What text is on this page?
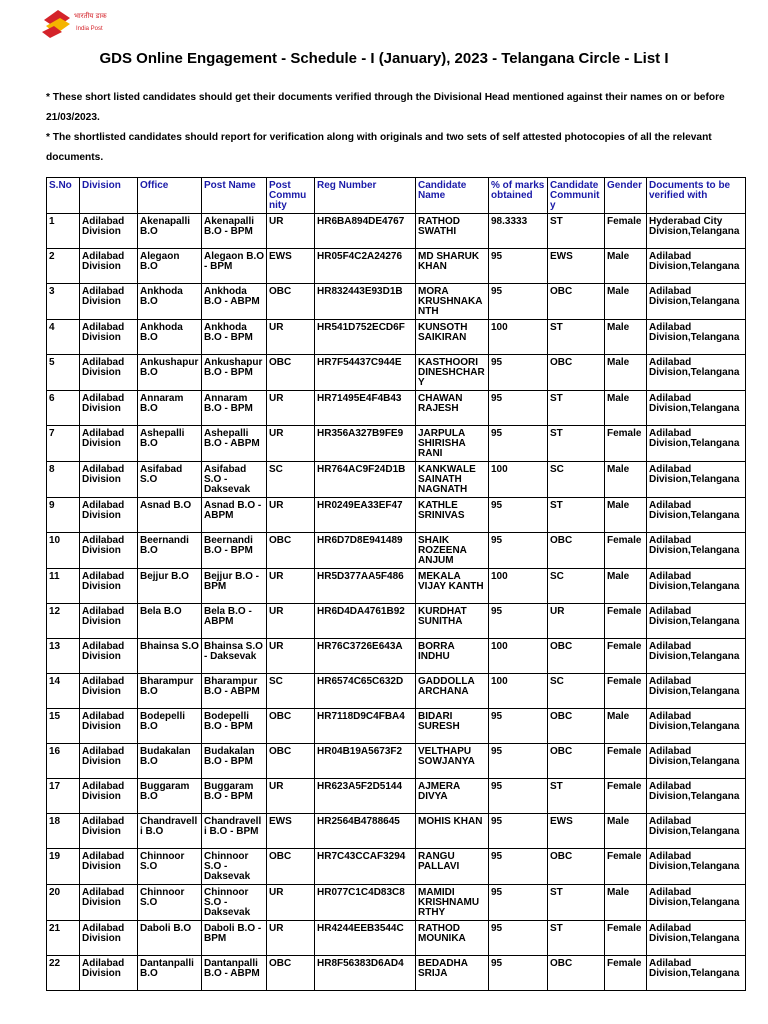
भारतीय डाक
India Post
GDS Online Engagement - Schedule - I (January), 2023 - Telangana Circle - List I
* These short listed candidates should get their documents verified through the Divisional Head mentioned against their names on or before 21/03/2023.
* The shortlisted candidates should report for verification along with originals and two sets of self attested photocopies of all the relevant documents.
S.No	Division	Office	Post Name	Post Community	Reg Number	Candidate Name	% of marks obtained	Candidate Community	Gender	Documents to be verified with
1	Adilabad Division	Akenapalli B.O	Akenapalli B.O - BPM	UR	HR6BA894DE4767	RATHOD SWATHI	98.3333	ST	Female	Hyderabad City Division,Telangana
2	Adilabad Division	Alegaon B.O	Alegaon B.O - BPM	EWS	HR05F4C2A24276	MD SHARUK KHAN	95	EWS	Male	Adilabad Division,Telangana
3	Adilabad Division	Ankhoda B.O	Ankhoda B.O - ABPM	OBC	HR832443E93D1B	MORA KRUSHNAKANTH	95	OBC	Male	Adilabad Division,Telangana
4	Adilabad Division	Ankhoda B.O	Ankhoda B.O - BPM	UR	HR541D752ECD6F	KUNSOTH SAIKIRAN	100	ST	Male	Adilabad Division,Telangana
5	Adilabad Division	Ankushapur B.O	Ankushapur B.O - BPM	OBC	HR7F54437C944E	KASTHOORI DINESHCHARY	95	OBC	Male	Adilabad Division,Telangana
6	Adilabad Division	Annaram B.O	Annaram B.O - BPM	UR	HR71495E4F4B43	CHAWAN RAJESH	95	ST	Male	Adilabad Division,Telangana
7	Adilabad Division	Ashepalli B.O	Ashepalli B.O - ABPM	UR	HR356A327B9FE9	JARPULA SHIRISHA RANI	95	ST	Female	Adilabad Division,Telangana
8	Adilabad Division	Asifabad S.O	Asifabad S.O - Daksevak	SC	HR764AC9F24D1B	KANKWALE SAINATH NAGNATH	100	SC	Male	Adilabad Division,Telangana
9	Adilabad Division	Asnad B.O	Asnad B.O - ABPM	UR	HR0249EA33EF47	KATHLE SRINIVAS	95	ST	Male	Adilabad Division,Telangana
10	Adilabad Division	Beernandi B.O	Beernandi B.O - BPM	OBC	HR6D7D8E941489	SHAIK ROZEENA ANJUM	95	OBC	Female	Adilabad Division,Telangana
11	Adilabad Division	Bejjur B.O	Bejjur B.O - BPM	UR	HR5D377AA5F486	MEKALA VIJAY KANTH	100	SC	Male	Adilabad Division,Telangana
12	Adilabad Division	Bela B.O	Bela B.O - ABPM	UR	HR6D4DA4761B92	KURDHAT SUNITHA	95	UR	Female	Adilabad Division,Telangana
13	Adilabad Division	Bhainsa S.O	Bhainsa S.O - Daksevak	UR	HR76C3726E643A	BORRA INDHU	100	OBC	Female	Adilabad Division,Telangana
14	Adilabad Division	Bharampur B.O	Bharampur B.O - ABPM	SC	HR6574C65C632D	GADDOLLA ARCHANA	100	SC	Female	Adilabad Division,Telangana
15	Adilabad Division	Bodepelli B.O	Bodepelli B.O - BPM	OBC	HR7118D9C4FBA4	BIDARI SURESH	95	OBC	Male	Adilabad Division,Telangana
16	Adilabad Division	Budakalan B.O	Budakalan B.O - BPM	OBC	HR04B19A5673F2	VELTHAPU SOWJANYA	95	OBC	Female	Adilabad Division,Telangana
17	Adilabad Division	Buggaram B.O	Buggaram B.O - BPM	UR	HR623A5F2D5144	AJMERA DIVYA	95	ST	Female	Adilabad Division,Telangana
18	Adilabad Division	Chandravelli B.O	Chandravelli B.O - BPM	EWS	HR2564B4788645	MOHIS KHAN	95	EWS	Male	Adilabad Division,Telangana
19	Adilabad Division	Chinnoor S.O	Chinnoor S.O - Daksevak	OBC	HR7C43CCAF3294	RANGU PALLAVI	95	OBC	Female	Adilabad Division,Telangana
20	Adilabad Division	Chinnoor S.O	Chinnoor S.O - Daksevak	UR	HR077C1C4D83C8	MAMIDI KRISHNAMURTHY	95	ST	Male	Adilabad Division,Telangana
21	Adilabad Division	Daboli B.O	Daboli B.O - BPM	UR	HR4244EEB3544C	RATHOD MOUNIKA	95	ST	Female	Adilabad Division,Telangana
22	Adilabad Division	Dantanpalli B.O	Dantanpalli B.O - ABPM	OBC	HR8F56383D6AD4	BEDADHA SRIJA	95	OBC	Female	Adilabad Division,Telangana
